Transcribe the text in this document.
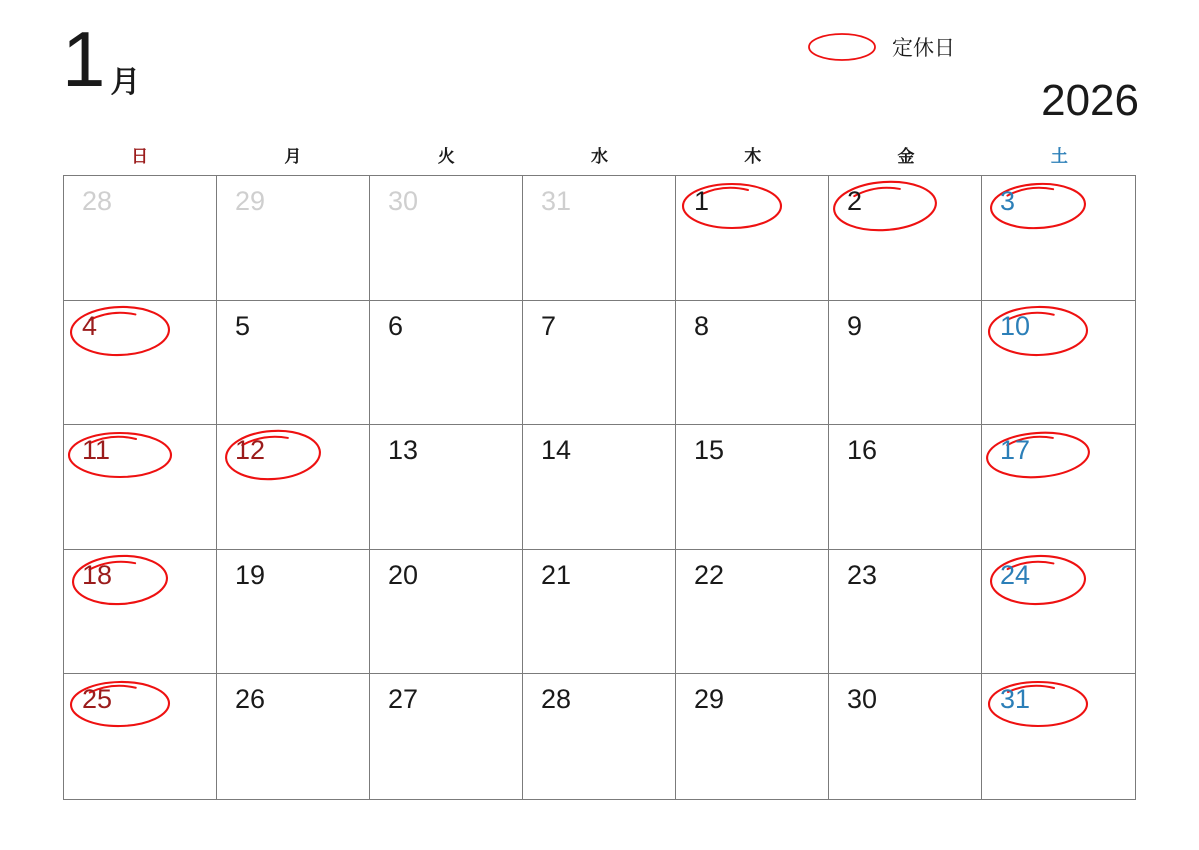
1 月	2026
定休日
日	月	火	水	木	金	土
28	29	30	31	1	2	3
4	5	6	7	8	9	10
11	12	13	14	15	16	17
18	19	20	21	22	23	24
25	26	27	28	29	30	31
